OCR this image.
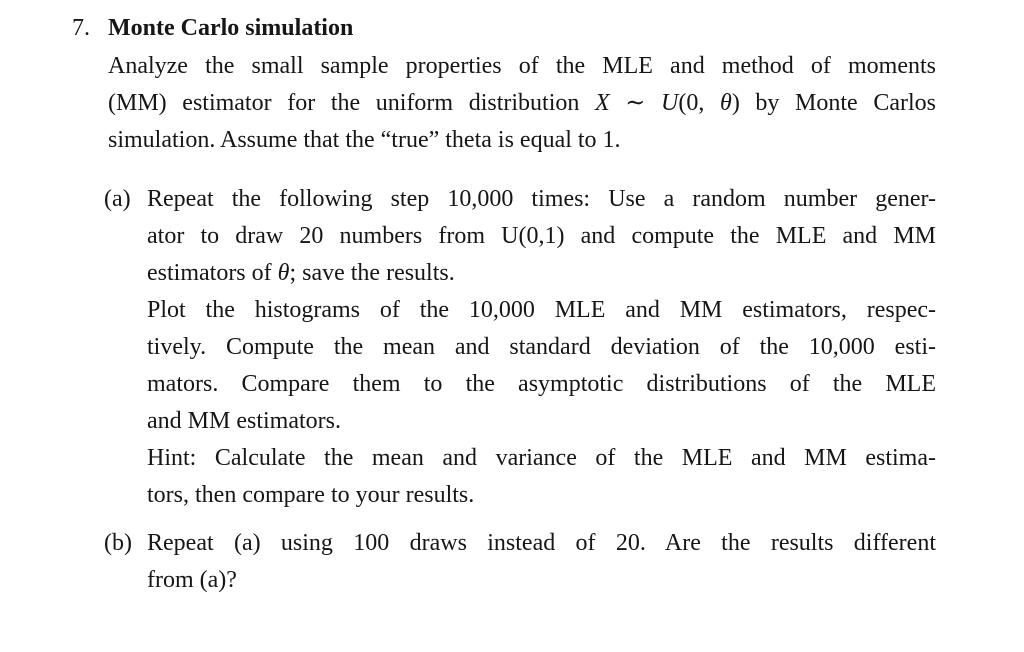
7. Monte Carlo simulation
Analyze the small sample properties of the MLE and method of moments
(MM) estimator for the uniform distribution X ∼ U(0, θ) by Monte Carlos
simulation. Assume that the “true” theta is equal to 1.
(a) Repeat the following step 10,000 times: Use a random number gener-
ator to draw 20 numbers from U(0,1) and compute the MLE and MM
estimators of θ; save the results.
Plot the histograms of the 10,000 MLE and MM estimators, respec-
tively. Compute the mean and standard deviation of the 10,000 esti-
mators. Compare them to the asymptotic distributions of the MLE
and MM estimators.
Hint: Calculate the mean and variance of the MLE and MM estima-
tors, then compare to your results.
(b) Repeat (a) using 100 draws instead of 20. Are the results different
from (a)?
